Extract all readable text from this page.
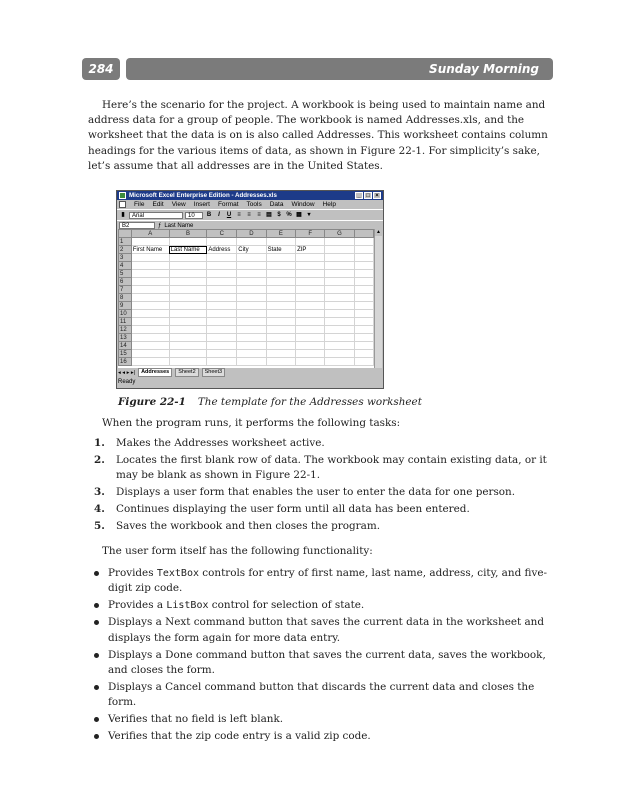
284	Sunday Morning

Here’s the scenario for the project. A workbook is being used to maintain name and address data for a group of people. The workbook is named Addresses.xls, and the worksheet that the data is on is also called Addresses. This worksheet contains column headings for the various items of data, as shown in Figure 22-1. For simplicity’s sake, let’s assume that all addresses are in the United States.

Microsoft Excel Enterprise Edition - Addresses.xls	_ □ ×
File Edit View Insert Format Tools Data Window Help
▮	Arial	10	B	I	U	≡	≡	≡ ▤ $ % ▦ ▾
B2	ƒ Last Name
	A	B	C	D	E	F	G	
1								
2	First Name	Last Name	Address	City	State	ZIP		
3								
4								
5								
6								
7								
8								
9								
10								
11								
12								
13								
14								
15								
16								
▲
◂ ◂ ▸ ▸|	Addresses	Sheet2	Sheet3
Ready
Figure 22-1 The template for the Addresses worksheet

When the program runs, it performs the following tasks:

1. Makes the Addresses worksheet active.
2. Locates the first blank row of data. The workbook may contain existing data, or it may be blank as shown in Figure 22-1.
3. Displays a user form that enables the user to enter the data for one person.
4. Continues displaying the user form until all data has been entered.
5. Saves the workbook and then closes the program.

The user form itself has the following functionality:

Provides TextBox controls for entry of first name, last name, address, city, and five-digit zip code.
Provides a ListBox control for selection of state.
Displays a Next command button that saves the current data in the worksheet and displays the form again for more data entry.
Displays a Done command button that saves the current data, saves the workbook, and closes the form.
Displays a Cancel command button that discards the current data and closes the form.
Verifies that no field is left blank.
Verifies that the zip code entry is a valid zip code.
